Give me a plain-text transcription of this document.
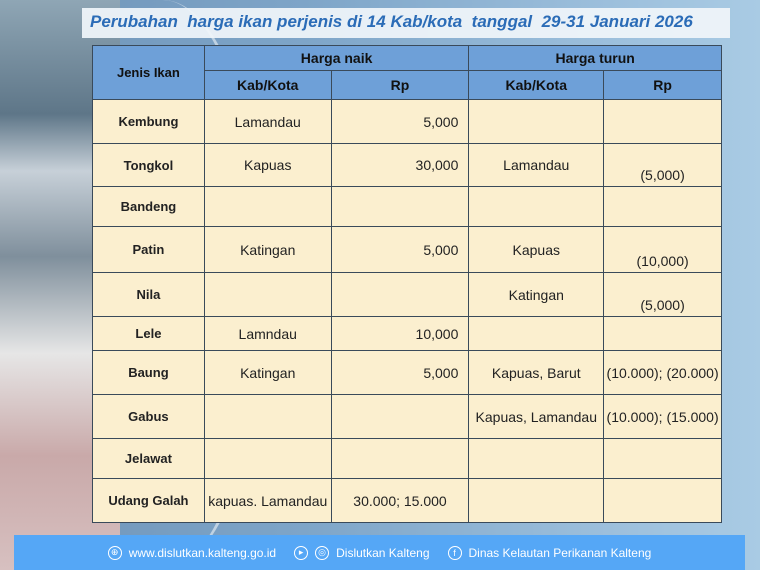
Perubahan  harga ikan perjenis di 14 Kab/kota  tanggal  29-31 Januari 2026
Jenis Ikan	Harga naik		Harga turun	
	Kab/Kota	Rp	Kab/Kota	Rp
Kembung	Lamandau	5,000		
Tongkol	Kapuas	30,000	Lamandau	(5,000)
Bandeng				
Patin	Katingan	5,000	Kapuas	(10,000)
Nila			Katingan	(5,000)
Lele	Lamndau	10,000		
Baung	Katingan	5,000	Kapuas, Barut	(10.000); (20.000)
Gabus			Kapuas, Lamandau	(10.000); (15.000)
Jelawat				
Udang Galah	kapuas. Lamandau	30.000; 15.000		
⊕ www.dislutkan.kalteng.go.id	▸	◎ Dislutkan Kalteng	f	Dinas Kelautan Perikanan Kalteng
